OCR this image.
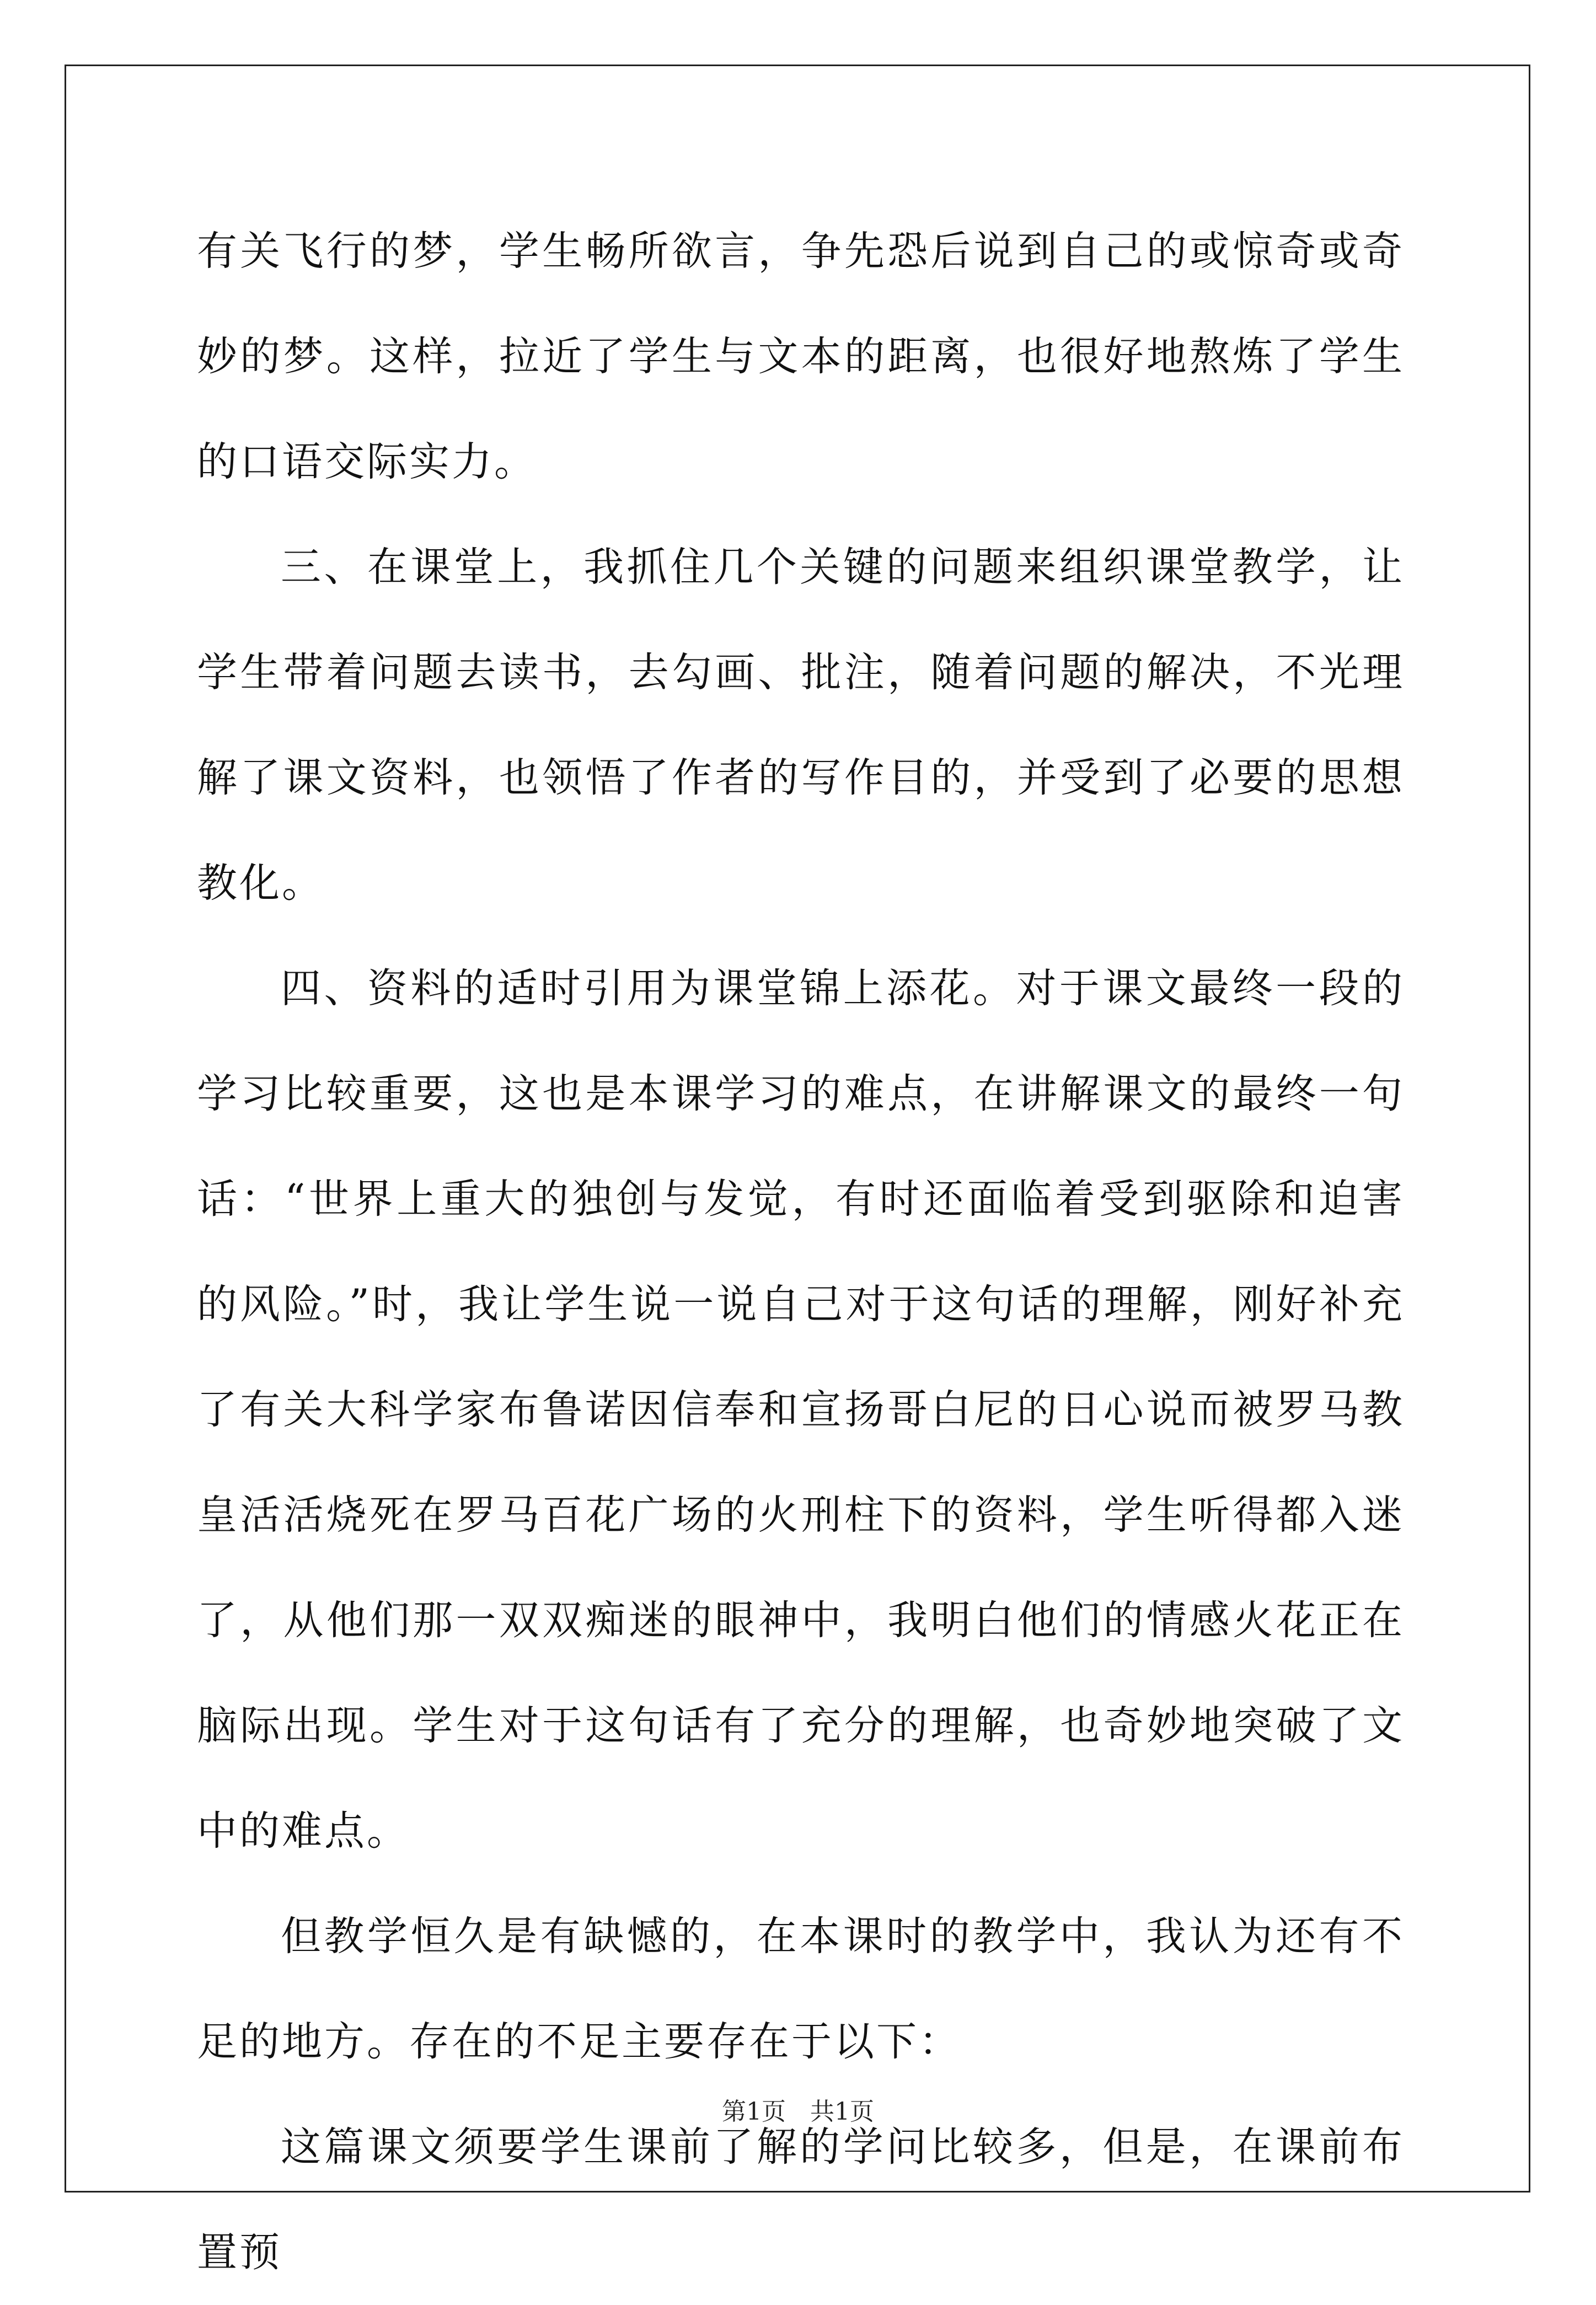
有关飞行的梦，学生畅所欲言，争先恐后说到自己的或惊奇或奇妙的梦。这样，拉近了学生与文本的距离，也很好地熬炼了学生的口语交际实力。

三、在课堂上，我抓住几个关键的问题来组织课堂教学，让学生带着问题去读书，去勾画、批注，随着问题的解决，不光理解了课文资料，也领悟了作者的写作目的，并受到了必要的思想教化。

四、资料的适时引用为课堂锦上添花。对于课文最终一段的学习比较重要，这也是本课学习的难点，在讲解课文的最终一句话：“世界上重大的独创与发觉，有时还面临着受到驱除和迫害的风险。”时，我让学生说一说自己对于这句话的理解，刚好补充了有关大科学家布鲁诺因信奉和宣扬哥白尼的日心说而被罗马教皇活活烧死在罗马百花广场的火刑柱下的资料，学生听得都入迷了，从他们那一双双痴迷的眼神中，我明白他们的情感火花正在脑际出现。学生对于这句话有了充分的理解，也奇妙地突破了文中的难点。

但教学恒久是有缺憾的，在本课时的教学中，我认为还有不足的地方。存在的不足主要存在于以下：

这篇课文须要学生课前了解的学问比较多，但是，在课前布置预

第1页　共1页
